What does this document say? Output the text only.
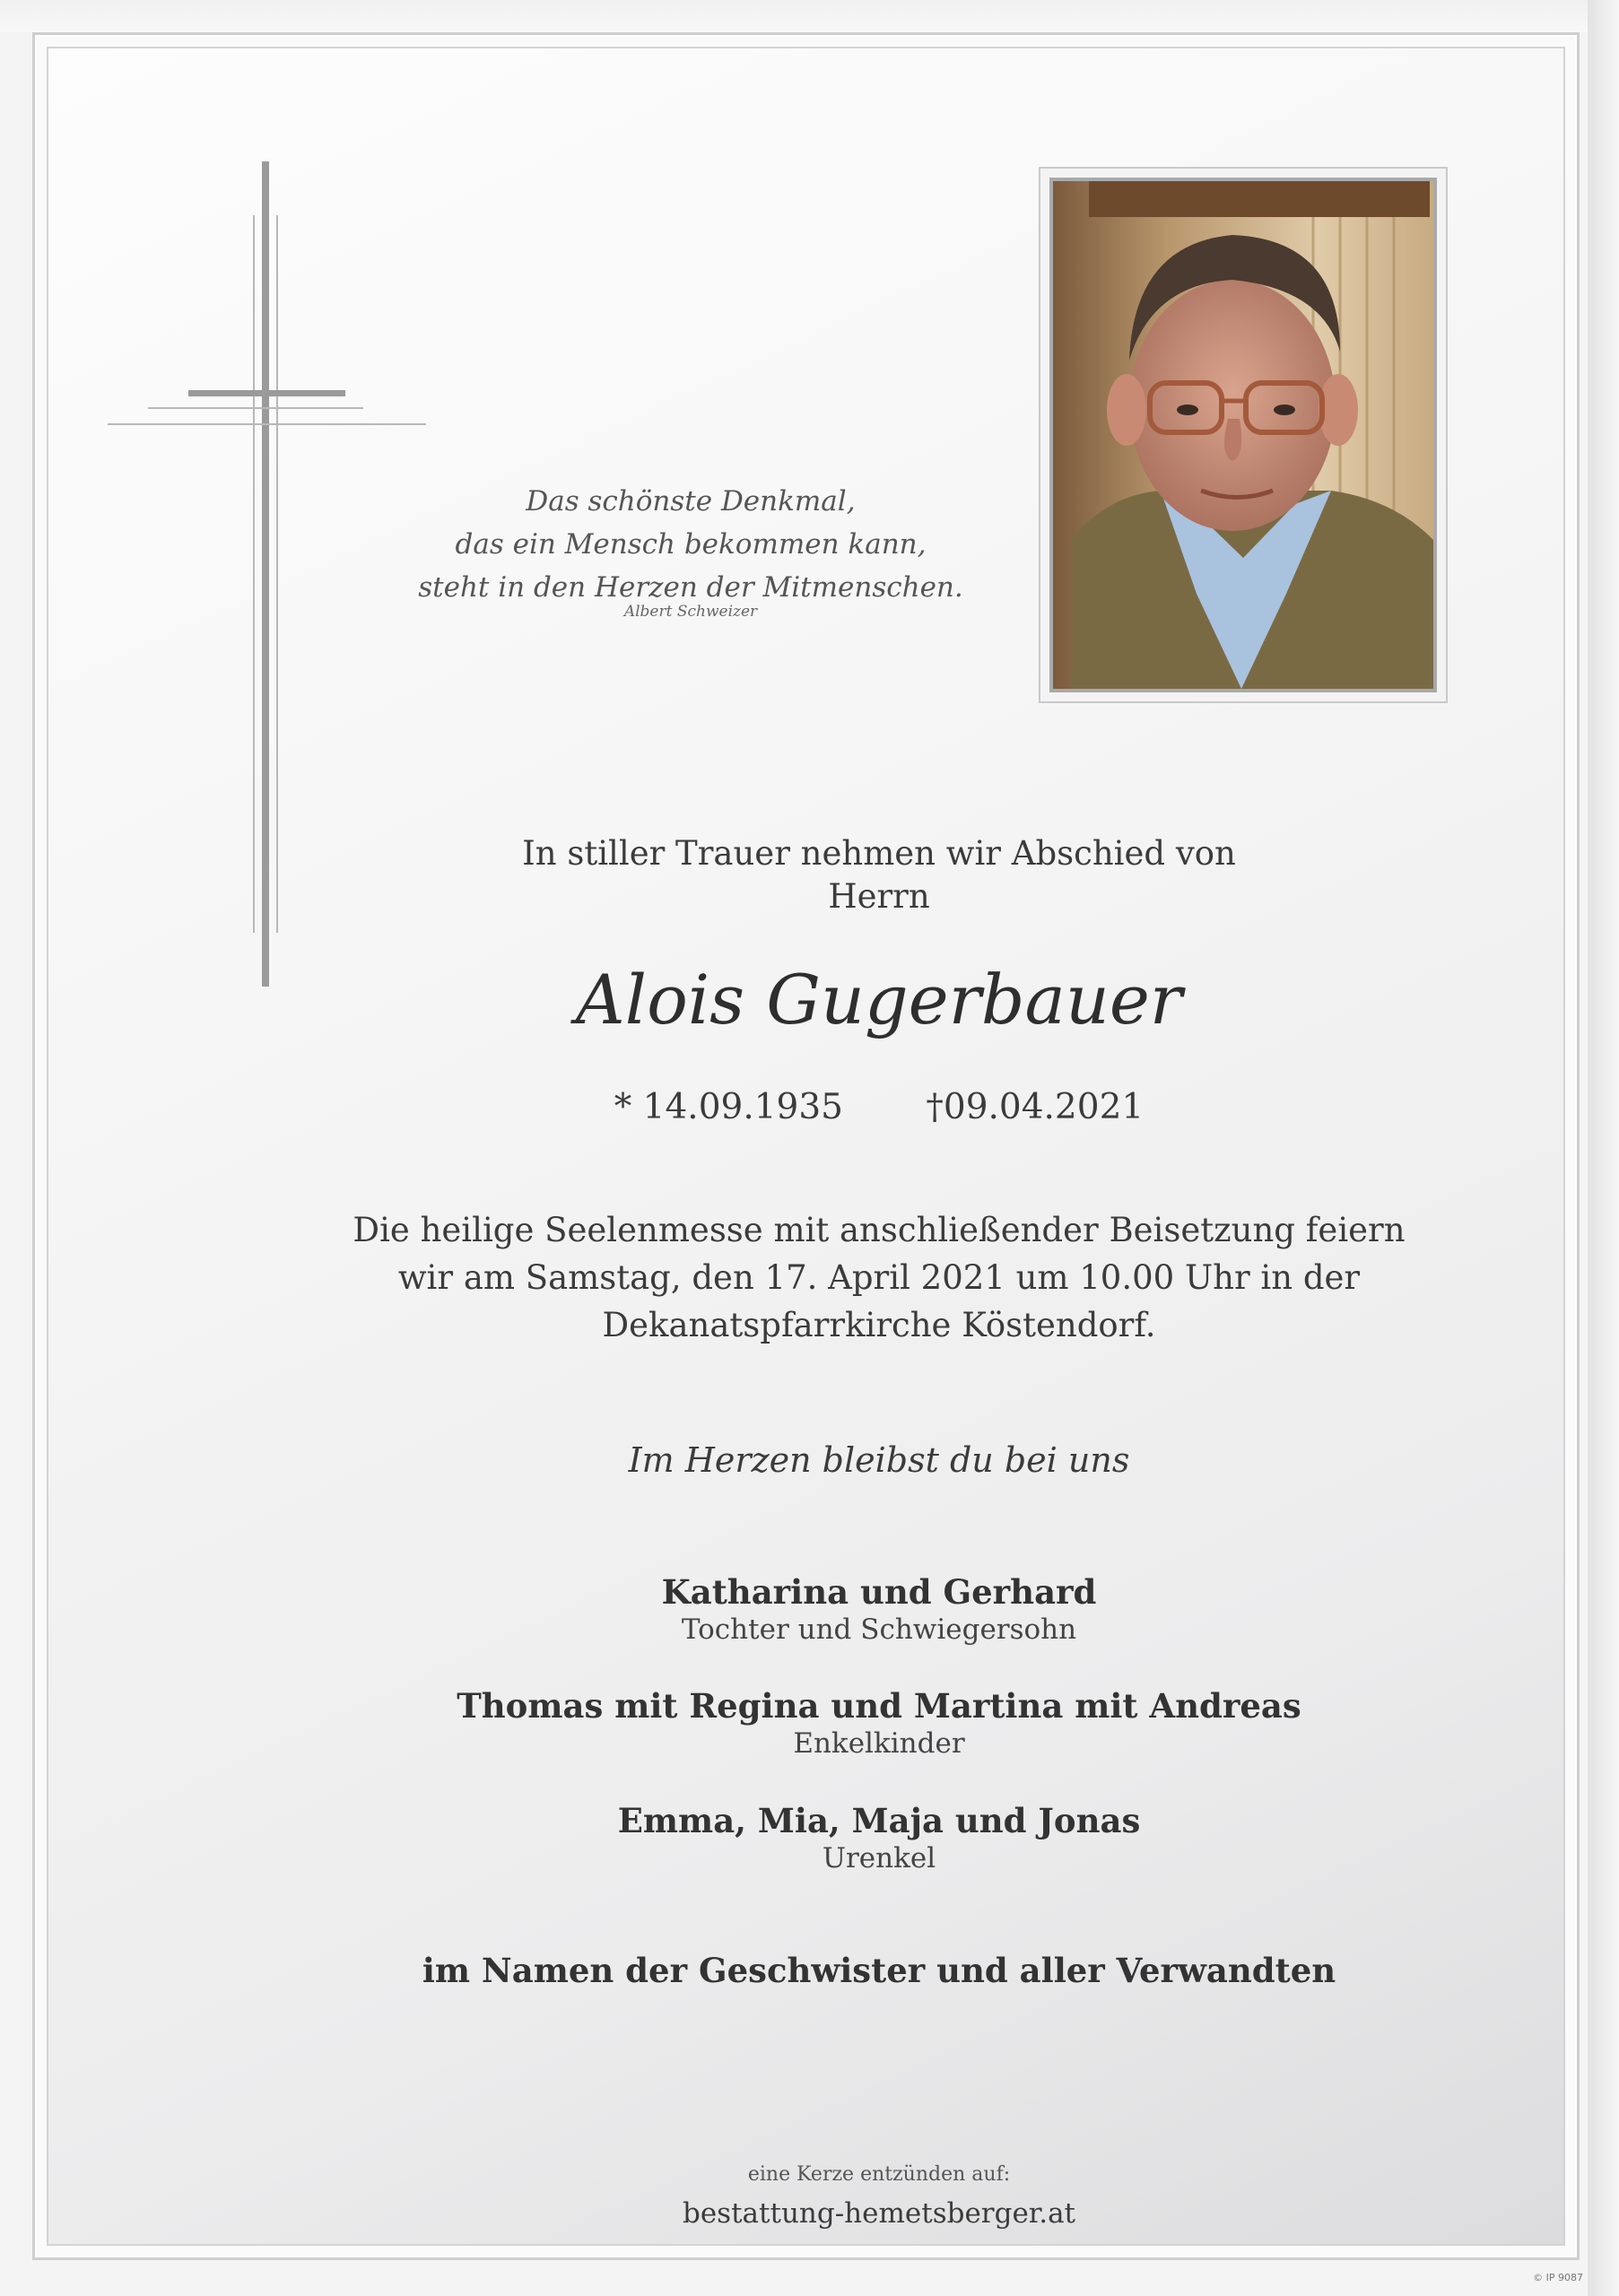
Das schönste Denkmal,
das ein Mensch bekommen kann,
steht in den Herzen der Mitmenschen.
Albert Schweizer
In stiller Trauer nehmen wir Abschied von
Herrn
Alois Gugerbauer
* 14.09.1935 †09.04.2021
Die heilige Seelenmesse mit anschließender Beisetzung feiern
wir am Samstag, den 17. April 2021 um 10.00 Uhr in der
Dekanatspfarrkirche Köstendorf.
Im Herzen bleibst du bei uns
Katharina und Gerhard
Tochter und Schwiegersohn
Thomas mit Regina und Martina mit Andreas
Enkelkinder
Emma, Mia, Maja und Jonas
Urenkel
im Namen der Geschwister und aller Verwandten
eine Kerze entzünden auf:
bestattung-hemetsberger.at
© IP 9087
